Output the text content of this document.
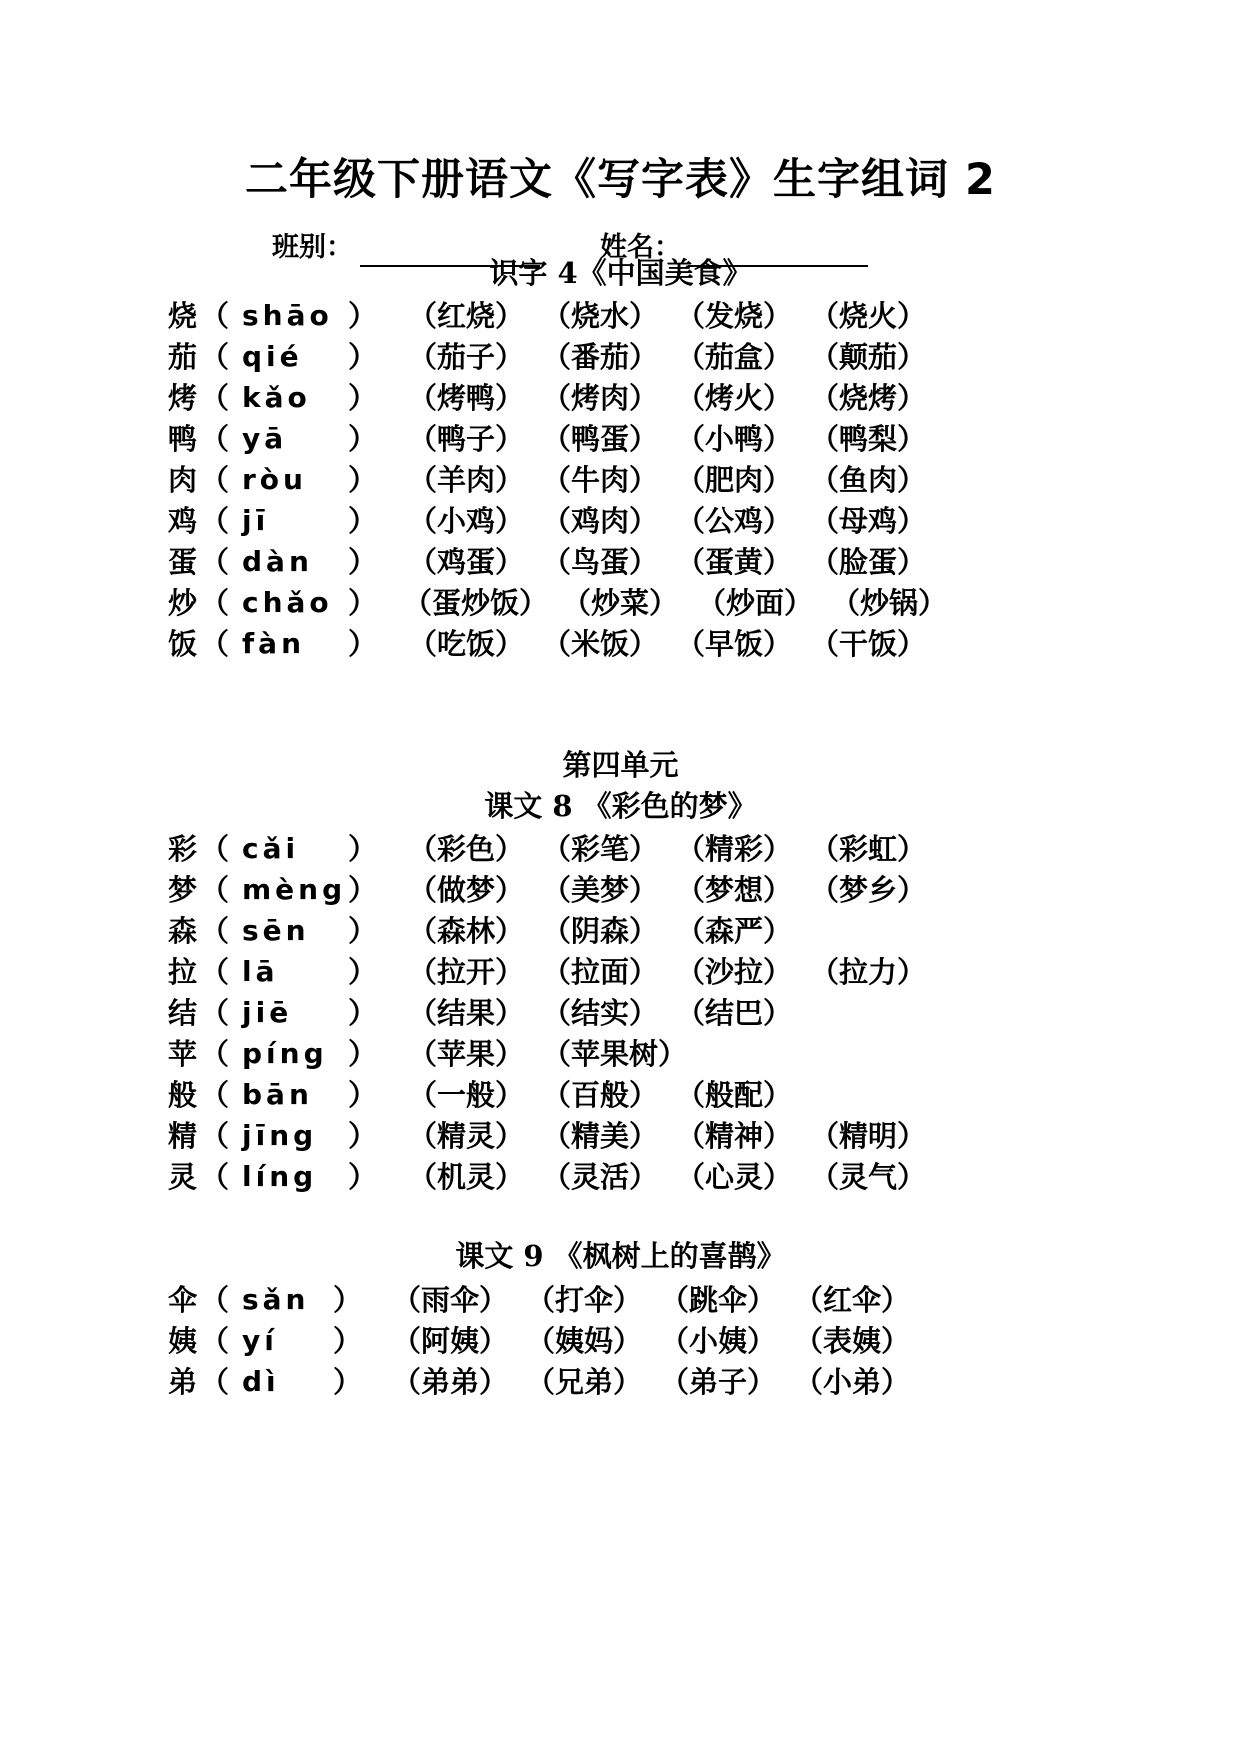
二年级下册语文《写字表》生字组词 2
班别：	姓名：
识字 4《中国美食》
第四单元
课文 8 《彩色的梦》
课文 9 《枫树上的喜鹊》
烧 （ shāo ） （红烧） （烧水） （发烧） （烧火）
茄 （ qié ） （茄子） （番茄） （茄盒） （颠茄）
烤 （ kǎo ） （烤鸭） （烤肉） （烤火） （烧烤）
鸭 （ yā ） （鸭子） （鸭蛋） （小鸭） （鸭梨）
肉 （ ròu ） （羊肉） （牛肉） （肥肉） （鱼肉）
鸡 （ jī	） （小鸡） （鸡肉） （公鸡） （母鸡）
蛋 （ dàn ） （鸡蛋） （鸟蛋） （蛋黄） （脸蛋）
炒 （ chǎo ） （蛋炒饭） （炒菜） （炒面） （炒锅）
饭 （ fàn ） （吃饭） （米饭） （早饭） （干饭）
彩 （ cǎi ） （彩色） （彩笔） （精彩） （彩虹）
梦 （ mèng ） （做梦） （美梦） （梦想） （梦乡）
森 （ sēn ） （森林） （阴森） （森严）
拉 （ lā ） （拉开） （拉面） （沙拉） （拉力）
结 （ jiē ） （结果） （结实） （结巴）
苹 （ píng ） （苹果） （苹果树）
般 （ bān ） （一般） （百般） （般配）
精 （ jīng ） （精灵） （精美） （精神） （精明）
灵 （ líng ） （机灵） （灵活） （心灵） （灵气）
伞 （ sǎn ） （雨伞） （打伞） （跳伞） （红伞）
姨 （ yí ） （阿姨） （姨妈） （小姨） （表姨）
弟 （ dì ） （弟弟） （兄弟） （弟子） （小弟）
